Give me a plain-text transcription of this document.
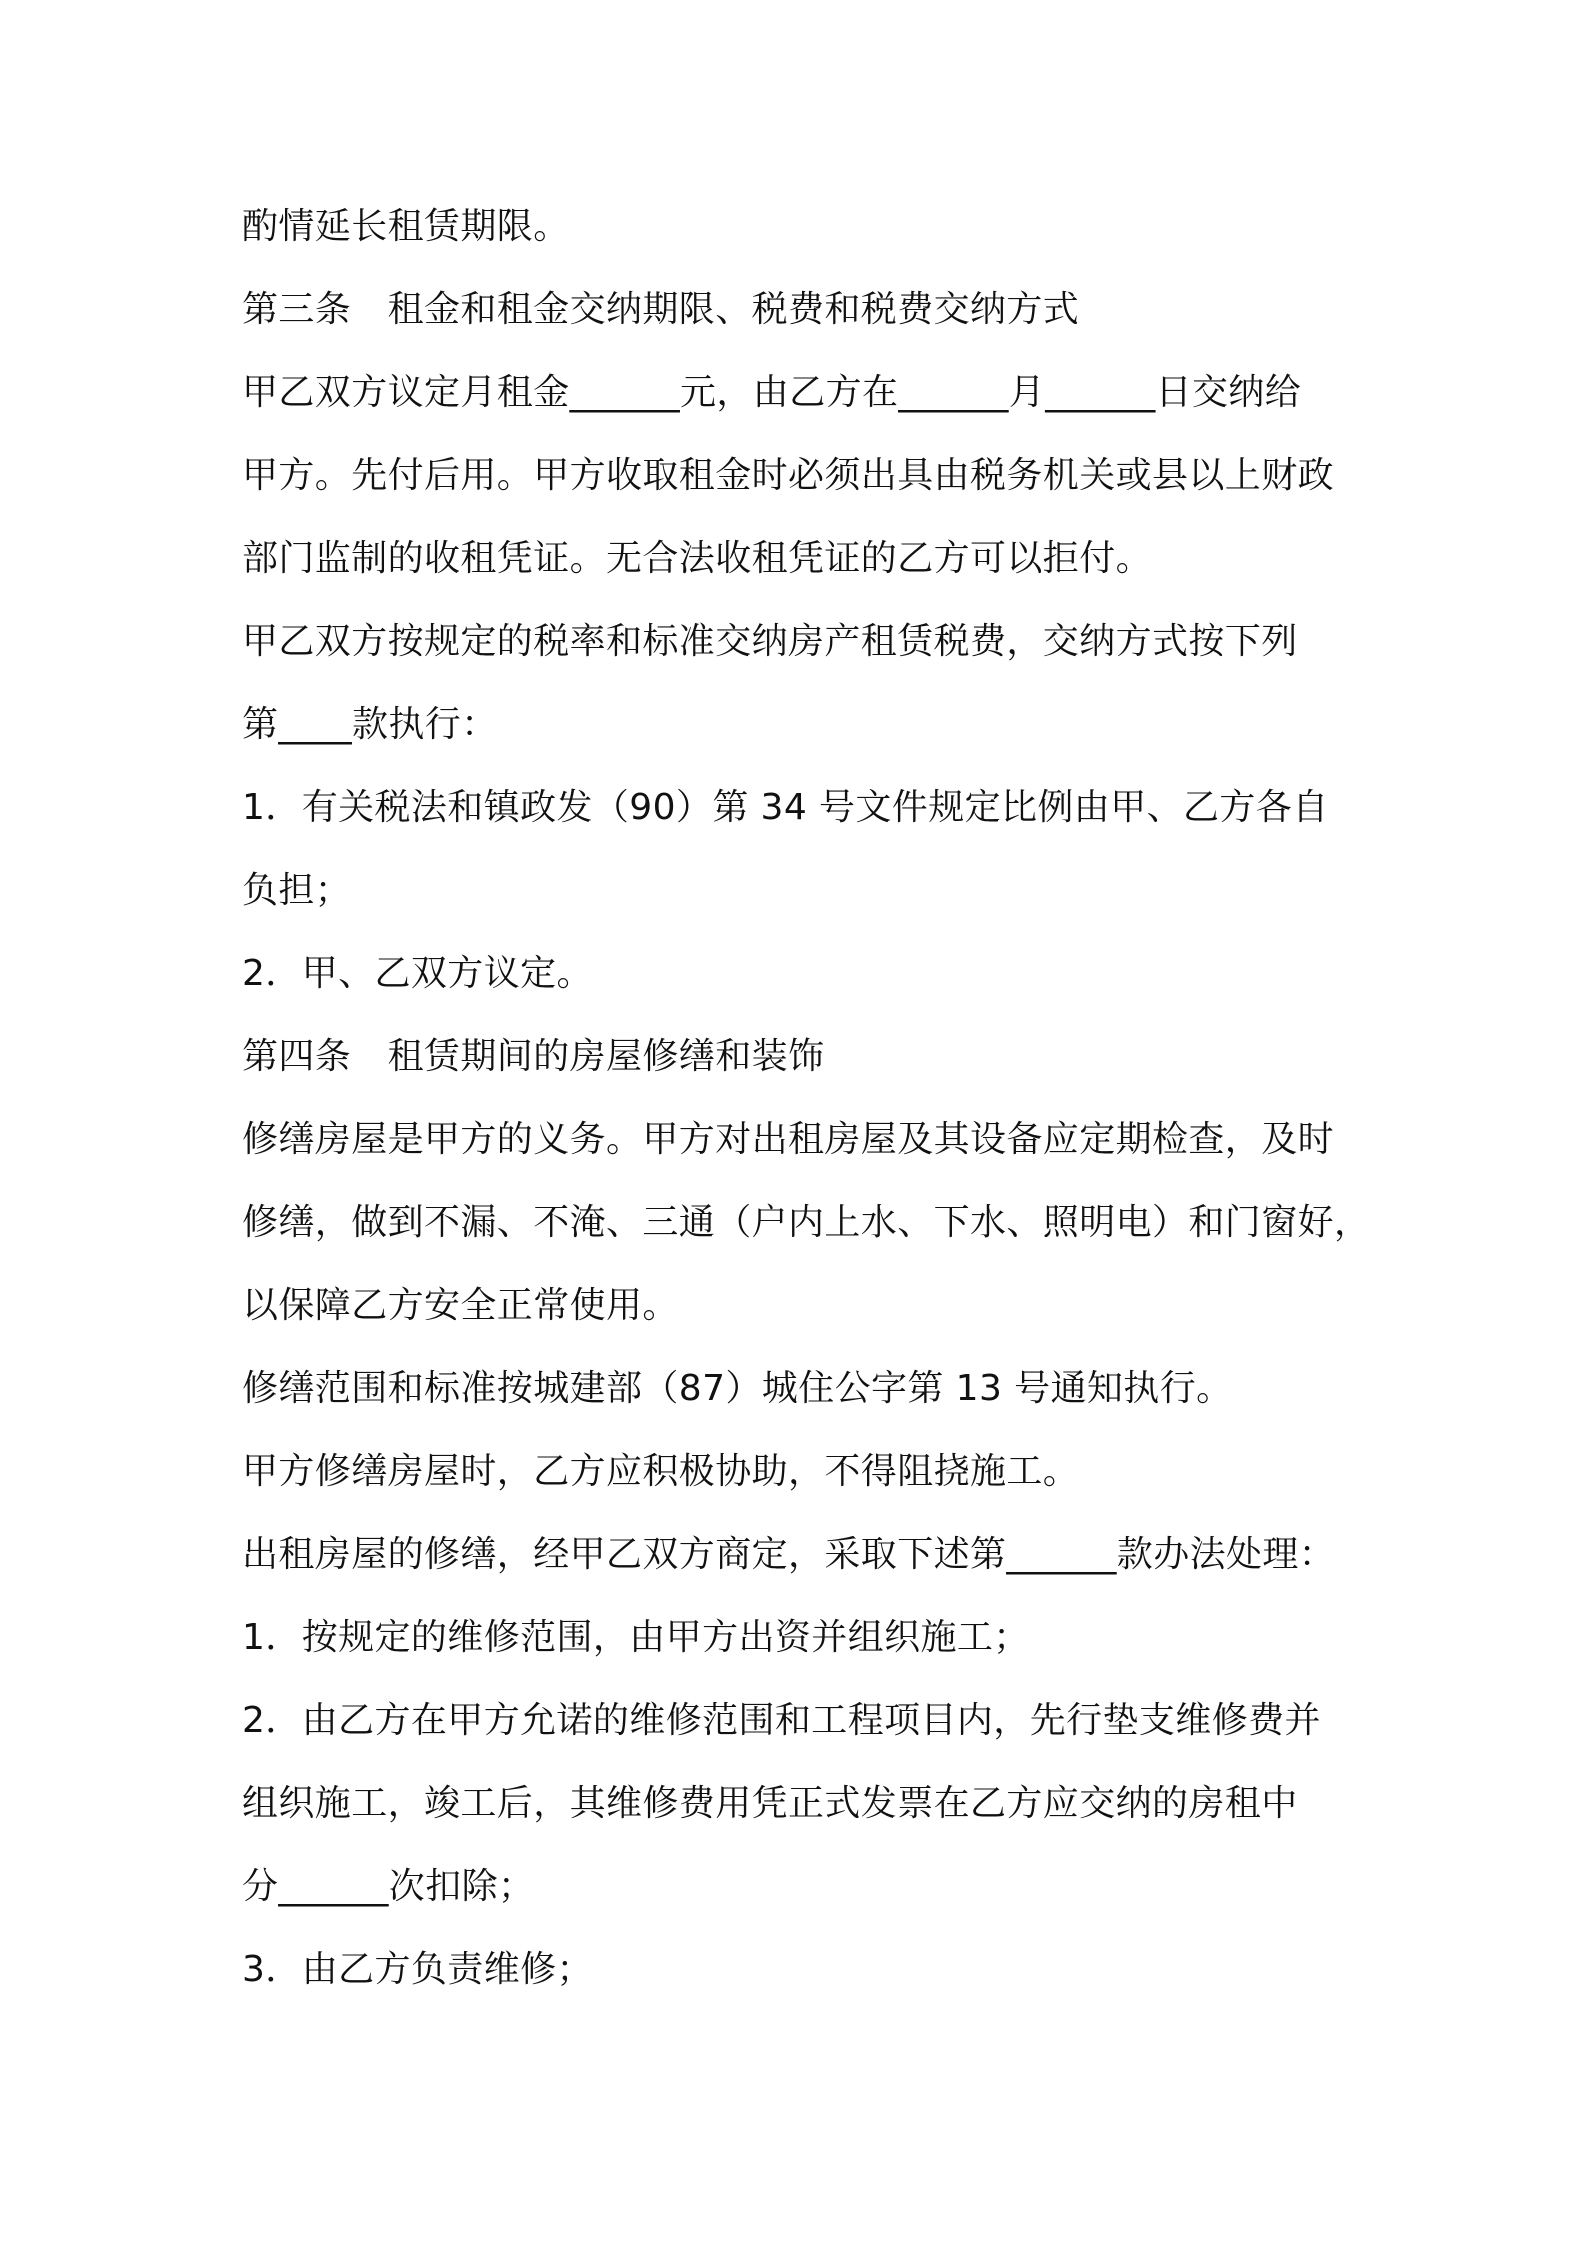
酌情延长租赁期限。
第三条　租金和租金交纳期限、税费和税费交纳方式
甲乙双方议定月租金______元，由乙方在______月______日交纳给
甲方。先付后用。甲方收取租金时必须出具由税务机关或县以上财政
部门监制的收租凭证。无合法收租凭证的乙方可以拒付。
甲乙双方按规定的税率和标准交纳房产租赁税费，交纳方式按下列
第____款执行：
1．有关税法和镇政发（90）第 34 号文件规定比例由甲、乙方各自
负担；
2．甲、乙双方议定。
第四条　租赁期间的房屋修缮和装饰
修缮房屋是甲方的义务。甲方对出租房屋及其设备应定期检查，及时
修缮，做到不漏、不淹、三通（户内上水、下水、照明电）和门窗好，
以保障乙方安全正常使用。
修缮范围和标准按城建部（87）城住公字第 13 号通知执行。
甲方修缮房屋时，乙方应积极协助，不得阻挠施工。
出租房屋的修缮，经甲乙双方商定，采取下述第______款办法处理：
1．按规定的维修范围，由甲方出资并组织施工；
2．由乙方在甲方允诺的维修范围和工程项目内，先行垫支维修费并
组织施工，竣工后，其维修费用凭正式发票在乙方应交纳的房租中
分______次扣除；
3．由乙方负责维修；
